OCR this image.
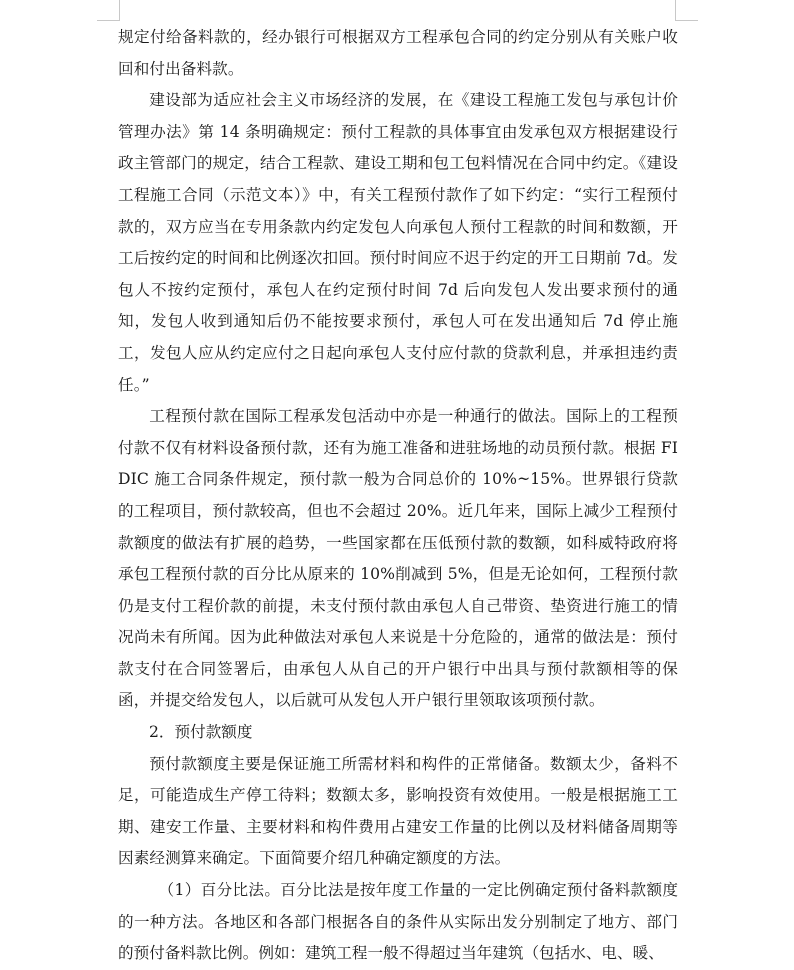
规定付给备料款的，经办银行可根据双方工程承包合同的约定分别从有关账户收回和付出备料款。

建设部为适应社会主义市场经济的发展，在《建设工程施工发包与承包计价管理办法》第 14 条明确规定：预付工程款的具体事宜由发承包双方根据建设行政主管部门的规定，结合工程款、建设工期和包工包料情况在合同中约定。《建设工程施工合同（示范文本）》中，有关工程预付款作了如下约定：“实行工程预付款的，双方应当在专用条款内约定发包人向承包人预付工程款的时间和数额，开工后按约定的时间和比例逐次扣回。预付时间应不迟于约定的开工日期前 7d。发包人不按约定预付，承包人在约定预付时间 7d 后向发包人发出要求预付的通知，发包人收到通知后仍不能按要求预付，承包人可在发出通知后 7d 停止施工，发包人应从约定应付之日起向承包人支付应付款的贷款利息，并承担违约责任。”

工程预付款在国际工程承发包活动中亦是一种通行的做法。国际上的工程预付款不仅有材料设备预付款，还有为施工准备和进驻场地的动员预付款。根据 FIDIC 施工合同条件规定，预付款一般为合同总价的 10%~15%。世界银行贷款的工程项目，预付款较高，但也不会超过 20%。近几年来，国际上减少工程预付款额度的做法有扩展的趋势，一些国家都在压低预付款的数额，如科威特政府将承包工程预付款的百分比从原来的 10%削减到 5%，但是无论如何，工程预付款仍是支付工程价款的前提，未支付预付款由承包人自己带资、垫资进行施工的情况尚未有所闻。因为此种做法对承包人来说是十分危险的，通常的做法是：预付款支付在合同签署后，由承包人从自己的开户银行中出具与预付款额相等的保函，并提交给发包人，以后就可从发包人开户银行里领取该项预付款。

2．预付款额度

预付款额度主要是保证施工所需材料和构件的正常储备。数额太少，备料不足，可能造成生产停工待料；数额太多，影响投资有效使用。一般是根据施工工期、建安工作量、主要材料和构件费用占建安工作量的比例以及材料储备周期等因素经测算来确定。下面简要介绍几种确定额度的方法。

（1）百分比法。百分比法是按年度工作量的一定比例确定预付备料款额度的一种方法。各地区和各部门根据各自的条件从实际出发分别制定了地方、部门的预付备料款比例。例如：建筑工程一般不得超过当年建筑（包括水、电、暖、
